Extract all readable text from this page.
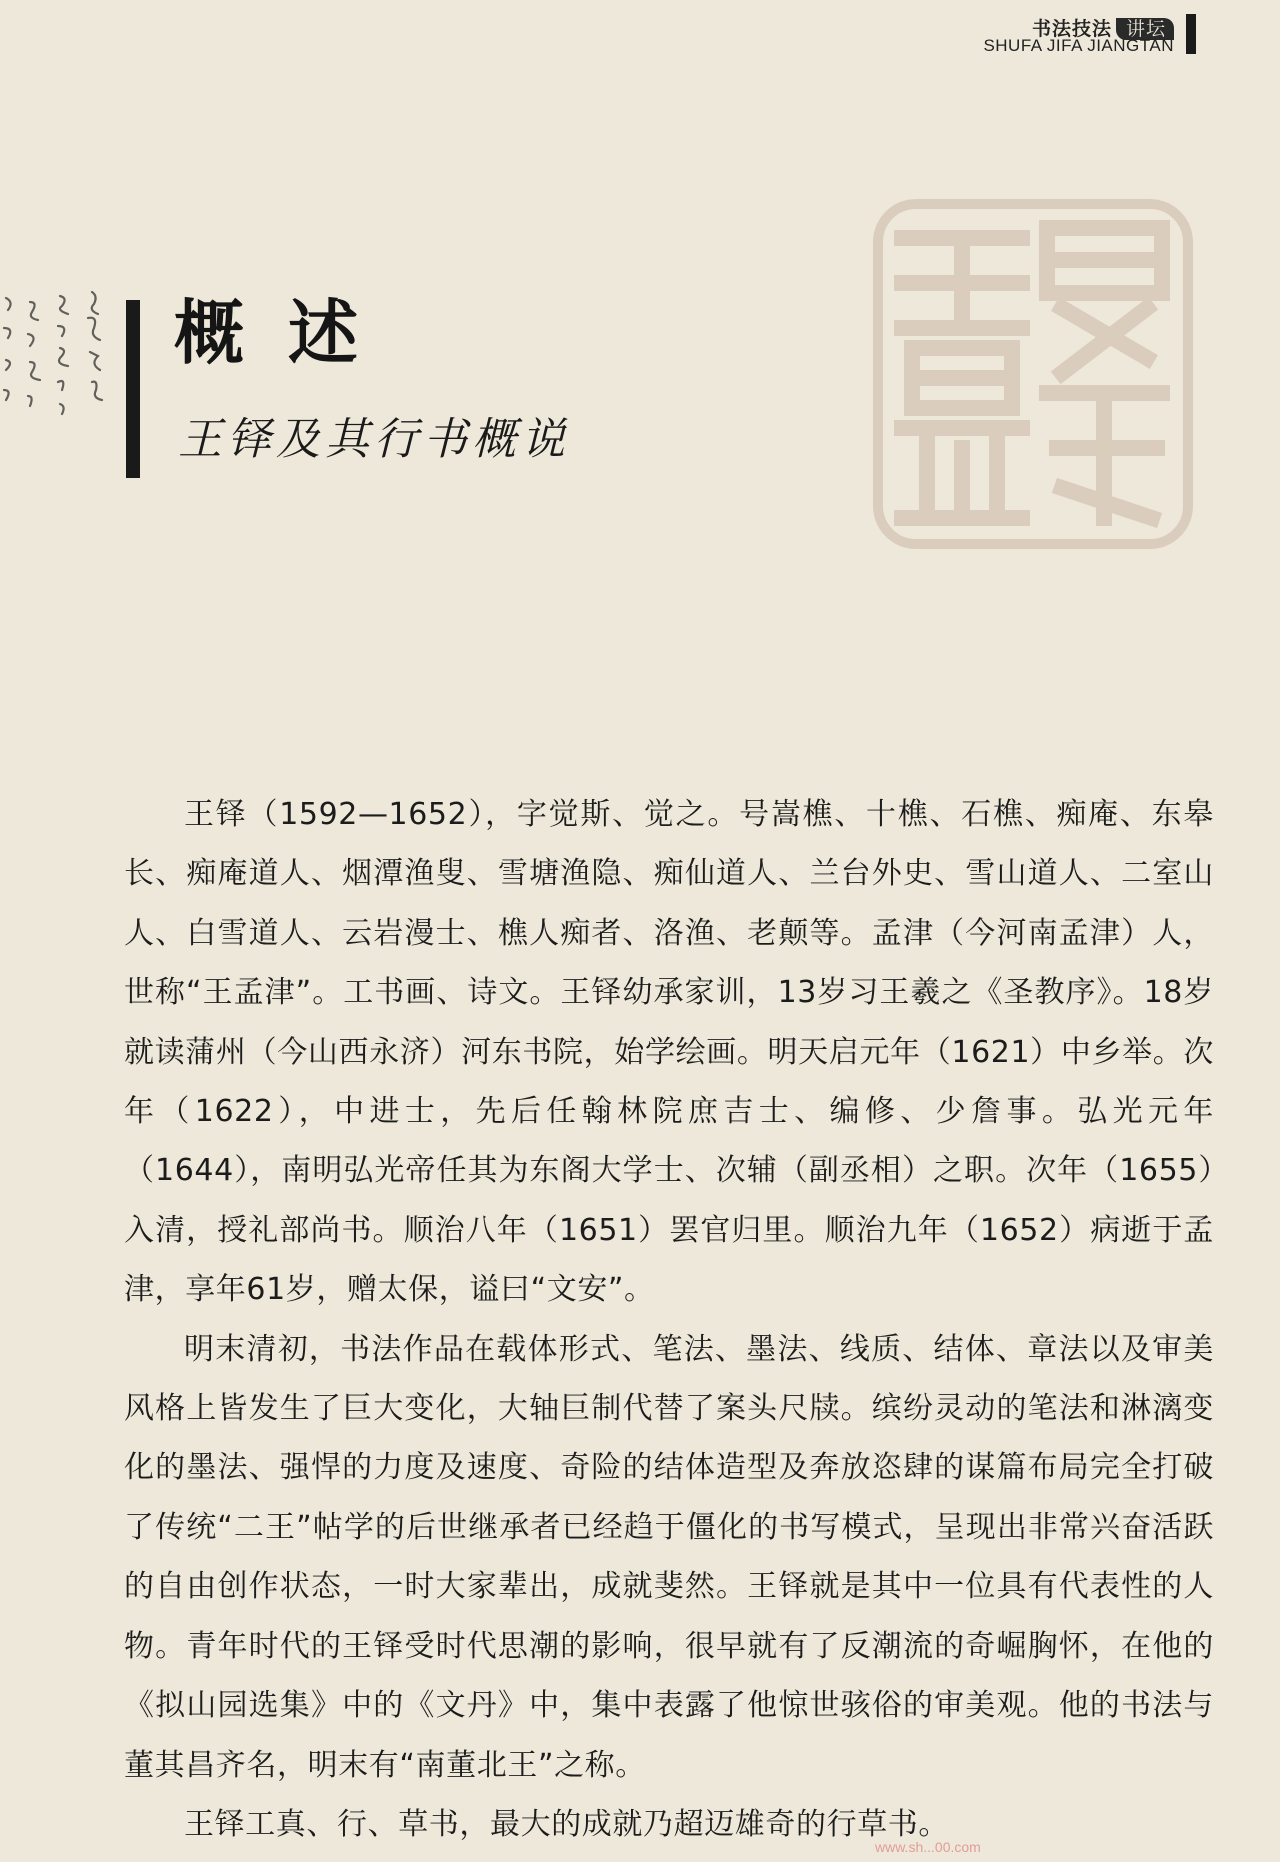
书法技法 讲坛
SHUFA JIFA JIANGTAN
概述
王铎及其行书概说

王铎（1592—1652），字觉斯、觉之。号嵩樵、十樵、石樵、痴庵、东皋长、痴庵道人、烟潭渔叟、雪塘渔隐、痴仙道人、兰台外史、雪山道人、二室山人、白雪道人、云岩漫士、樵人痴者、洛渔、老颠等。孟津（今河南孟津）人，世称“王孟津”。工书画、诗文。王铎幼承家训，13岁习王羲之《圣教序》。18岁就读蒲州（今山西永济）河东书院，始学绘画。明天启元年（1621）中乡举。次年（1622），中进士，先后任翰林院庶吉士、编修、少詹事。弘光元年（1644），南明弘光帝任其为东阁大学士、次辅（副丞相）之职。次年（1655）入清，授礼部尚书。顺治八年（1651）罢官归里。顺治九年（1652）病逝于孟津，享年61岁，赠太保，谥曰“文安”。

明末清初，书法作品在载体形式、笔法、墨法、线质、结体、章法以及审美风格上皆发生了巨大变化，大轴巨制代替了案头尺牍。缤纷灵动的笔法和淋漓变化的墨法、强悍的力度及速度、奇险的结体造型及奔放恣肆的谋篇布局完全打破了传统“二王”帖学的后世继承者已经趋于僵化的书写模式，呈现出非常兴奋活跃的自由创作状态，一时大家辈出，成就斐然。王铎就是其中一位具有代表性的人物。青年时代的王铎受时代思潮的影响，很早就有了反潮流的奇崛胸怀，在他的《拟山园选集》中的《文丹》中，集中表露了他惊世骇俗的审美观。他的书法与董其昌齐名，明末有“南董北王”之称。

王铎工真、行、草书，最大的成就乃超迈雄奇的行草书。

www.sh...00.com
